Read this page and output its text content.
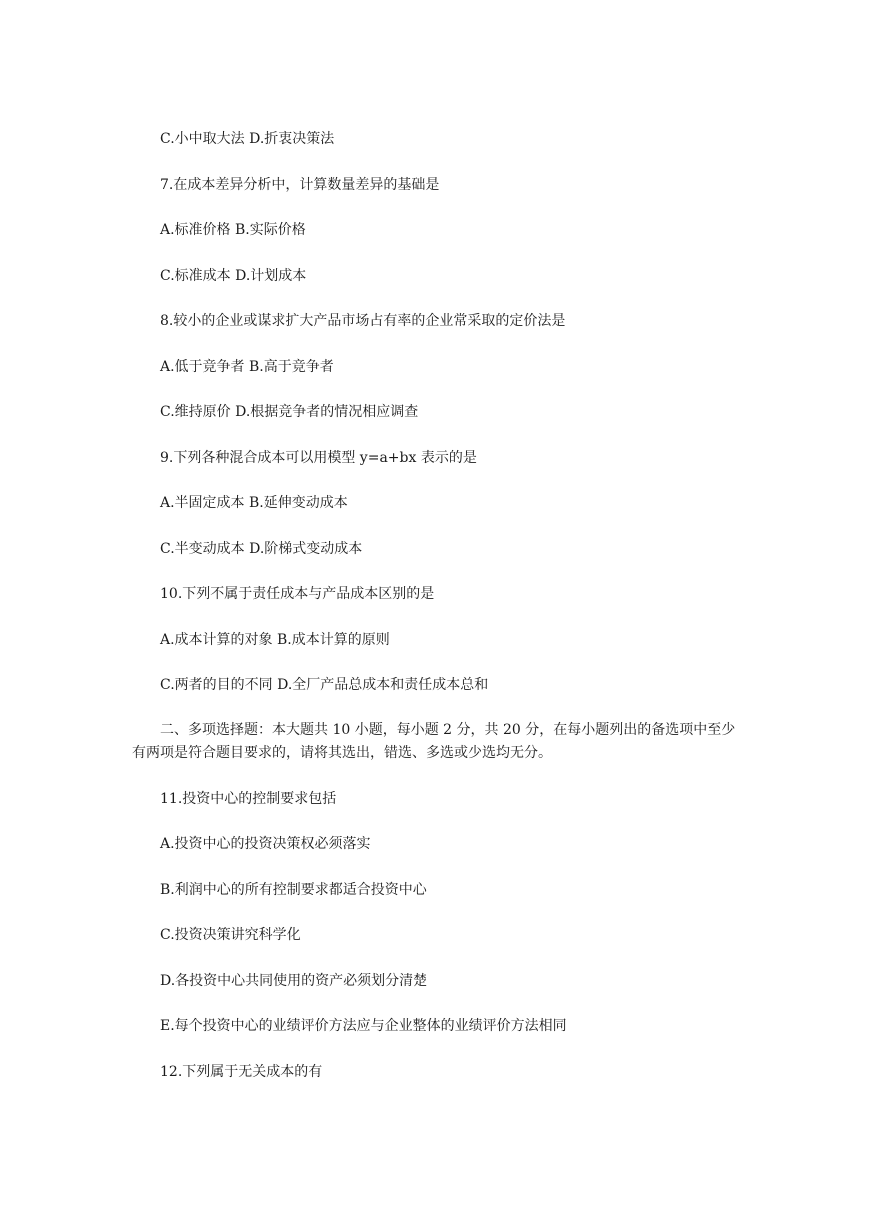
C.小中取大法 D.折衷决策法
7.在成本差异分析中，计算数量差异的基础是
A.标准价格 B.实际价格
C.标准成本 D.计划成本
8.较小的企业或谋求扩大产品市场占有率的企业常采取的定价法是
A.低于竞争者 B.高于竞争者
C.维持原价 D.根据竞争者的情况相应调查
9.下列各种混合成本可以用模型 y=a+bx 表示的是
A.半固定成本 B.延伸变动成本
C.半变动成本 D.阶梯式变动成本
10.下列不属于责任成本与产品成本区别的是
A.成本计算的对象 B.成本计算的原则
C.两者的目的不同 D.全厂产品总成本和责任成本总和
二、多项选择题：本大题共 10 小题，每小题 2 分，共 20 分，在每小题列出的备选项中至少有两项是符合题目要求的，请将其选出，错选、多选或少选均无分。
11.投资中心的控制要求包括
A.投资中心的投资决策权必须落实
B.利润中心的所有控制要求都适合投资中心
C.投资决策讲究科学化
D.各投资中心共同使用的资产必须划分清楚
E.每个投资中心的业绩评价方法应与企业整体的业绩评价方法相同
12.下列属于无关成本的有
